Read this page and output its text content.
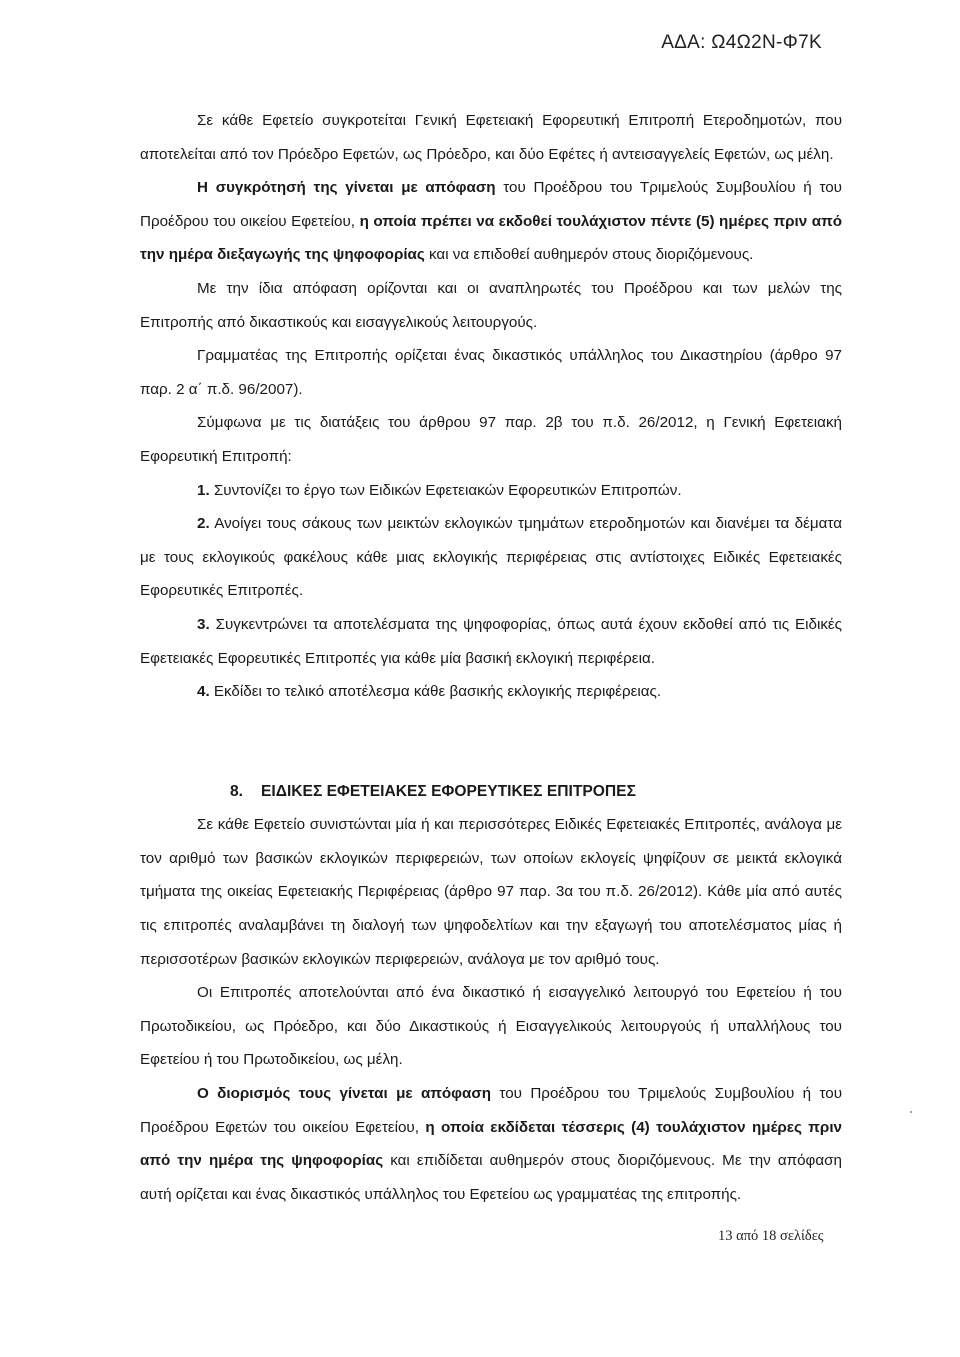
ΑΔΑ: Ω4Ω2Ν-Φ7Κ

Σε κάθε Εφετείο συγκροτείται Γενική Εφετειακή Εφορευτική Επιτροπή Ετεροδημοτών, που αποτελείται από τον Πρόεδρο Εφετών, ως Πρόεδρο, και δύο Εφέτες ή αντεισαγγελείς Εφετών, ως μέλη.

Η συγκρότησή της γίνεται με απόφαση του Προέδρου του Τριμελούς Συμβουλίου ή του Προέδρου του οικείου Εφετείου, η οποία πρέπει να εκδοθεί τουλάχιστον πέντε (5) ημέρες πριν από την ημέρα διεξαγωγής της ψηφοφορίας και να επιδοθεί αυθημερόν στους διοριζόμενους.

Με την ίδια απόφαση ορίζονται και οι αναπληρωτές του Προέδρου και των μελών της Επιτροπής από δικαστικούς και εισαγγελικούς λειτουργούς.

Γραμματέας της Επιτροπής ορίζεται ένας δικαστικός υπάλληλος του Δικαστηρίου (άρθρο 97 παρ. 2 α΄ π.δ. 96/2007).

Σύμφωνα με τις διατάξεις του άρθρου 97 παρ. 2β του π.δ. 26/2012, η Γενική Εφετειακή Εφορευτική Επιτροπή:

1. Συντονίζει το έργο των Ειδικών Εφετειακών Εφορευτικών Επιτροπών.

2. Ανοίγει τους σάκους των μεικτών εκλογικών τμημάτων ετεροδημοτών και διανέμει τα δέματα με τους εκλογικούς φακέλους κάθε μιας εκλογικής περιφέρειας στις αντίστοιχες Ειδικές Εφετειακές Εφορευτικές Επιτροπές.

3. Συγκεντρώνει τα αποτελέσματα της ψηφοφορίας, όπως αυτά έχουν εκδοθεί από τις Ειδικές Εφετειακές Εφορευτικές Επιτροπές για κάθε μία βασική εκλογική περιφέρεια.

4. Εκδίδει το τελικό αποτέλεσμα κάθε βασικής εκλογικής περιφέρειας.

8. ΕΙΔΙΚΕΣ ΕΦΕΤΕΙΑΚΕΣ ΕΦΟΡΕΥΤΙΚΕΣ ΕΠΙΤΡΟΠΕΣ

Σε κάθε Εφετείο συνιστώνται μία ή και περισσότερες Ειδικές Εφετειακές Επιτροπές, ανάλογα με τον αριθμό των βασικών εκλογικών περιφερειών, των οποίων εκλογείς ψηφίζουν σε μεικτά εκλογικά τμήματα της οικείας Εφετειακής Περιφέρειας (άρθρο 97 παρ. 3α του π.δ. 26/2012). Κάθε μία από αυτές τις επιτροπές αναλαμβάνει τη διαλογή των ψηφοδελτίων και την εξαγωγή του αποτελέσματος μίας ή περισσοτέρων βασικών εκλογικών περιφερειών, ανάλογα με τον αριθμό τους.

Οι Επιτροπές αποτελούνται από ένα δικαστικό ή εισαγγελικό λειτουργό του Εφετείου ή του Πρωτοδικείου, ως Πρόεδρο, και δύο Δικαστικούς ή Εισαγγελικούς λειτουργούς ή υπαλλήλους του Εφετείου ή του Πρωτοδικείου, ως μέλη.

Ο διορισμός τους γίνεται με απόφαση του Προέδρου του Τριμελούς Συμβουλίου ή του Προέδρου Εφετών του οικείου Εφετείου, η οποία εκδίδεται τέσσερις (4) τουλάχιστον ημέρες πριν από την ημέρα της ψηφοφορίας και επιδίδεται αυθημερόν στους διοριζόμενους. Με την απόφαση αυτή ορίζεται και ένας δικαστικός υπάλληλος του Εφετείου ως γραμματέας της επιτροπής.

13 από 18 σελίδες
